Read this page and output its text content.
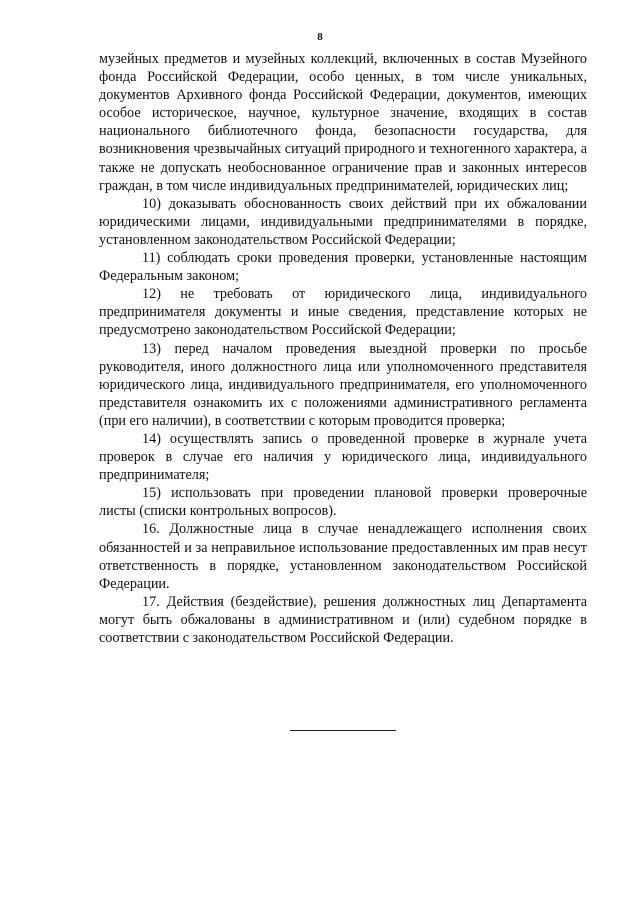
8

музейных предметов и музейных коллекций, включенных в состав Музейного фонда Российской Федерации, особо ценных, в том числе уникальных, документов Архивного фонда Российской Федерации, документов, имеющих особое историческое, научное, культурное значение, входящих в состав национального библиотечного фонда, безопасности государства, для возникновения чрезвычайных ситуаций природного и техногенного характера, а также не допускать необоснованное ограничение прав и законных интересов граждан, в том числе индивидуальных предпринимателей, юридических лиц;

10) доказывать обоснованность своих действий при их обжаловании юридическими лицами, индивидуальными предпринимателями в порядке, установленном законодательством Российской Федерации;

11) соблюдать сроки проведения проверки, установленные настоящим Федеральным законом;

12) не требовать от юридического лица, индивидуального предпринимателя документы и иные сведения, представление которых не предусмотрено законодательством Российской Федерации;

13) перед началом проведения выездной проверки по просьбе руководителя, иного должностного лица или уполномоченного представителя юридического лица, индивидуального предпринимателя, его уполномоченного представителя ознакомить их с положениями административного регламента (при его наличии), в соответствии с которым проводится проверка;

14) осуществлять запись о проведенной проверке в журнале учета проверок в случае его наличия у юридического лица, индивидуального предпринимателя;

15) использовать при проведении плановой проверки проверочные листы (списки контрольных вопросов).

16. Должностные лица в случае ненадлежащего исполнения своих обязанностей и за неправильное использование предоставленных им прав несут ответственность в порядке, установленном законодательством Российской Федерации.

17. Действия (бездействие), решения должностных лиц Департамента могут быть обжалованы в административном и (или) судебном порядке в соответствии с законодательством Российской Федерации.
